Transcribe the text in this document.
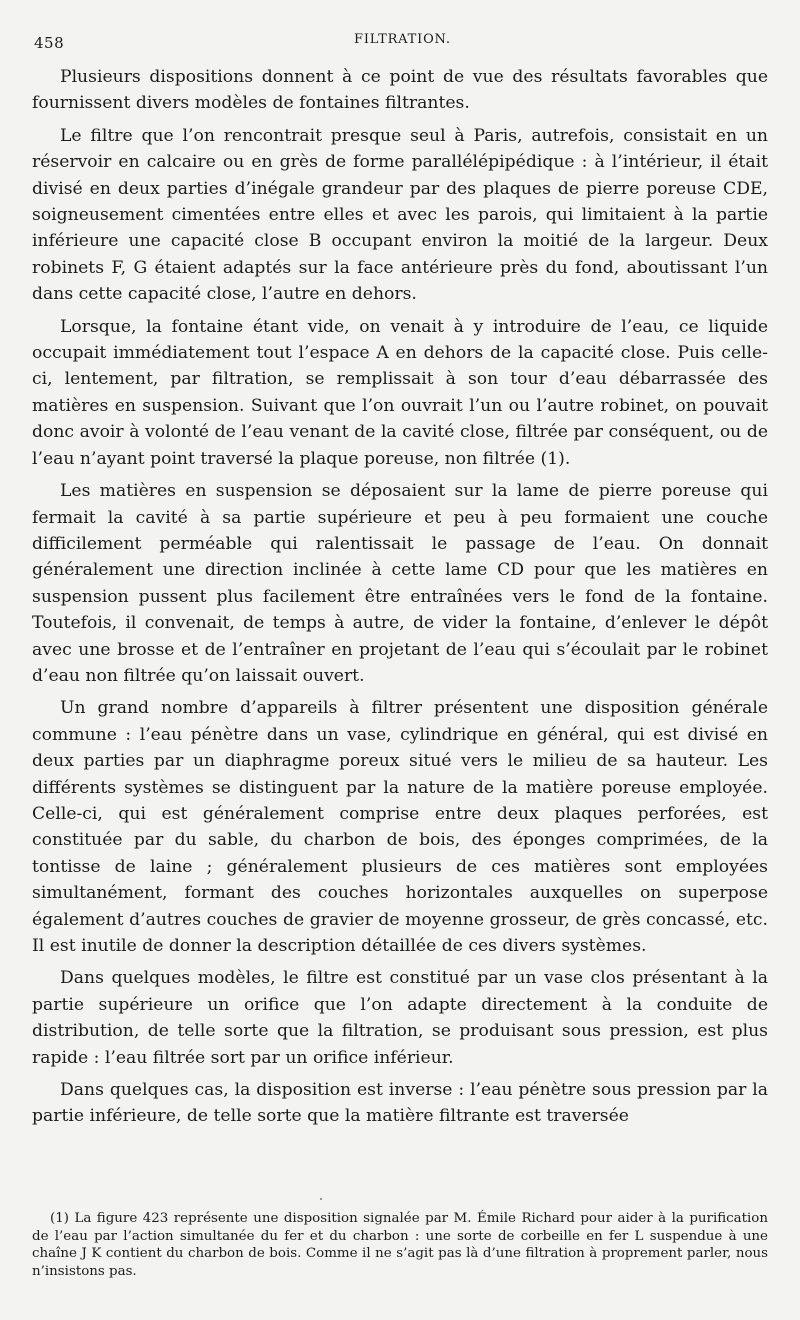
458	FILTRATION.

Plusieurs dispositions donnent à ce point de vue des résultats favorables que fournissent divers modèles de fontaines filtrantes.

Le filtre que l’on rencontrait presque seul à Paris, autrefois, consistait en un réservoir en calcaire ou en grès de forme parallélépipédique : à l’intérieur, il était divisé en deux parties d’inégale grandeur par des plaques de pierre poreuse CDE, soigneusement cimentées entre elles et avec les parois, qui limitaient à la partie inférieure une capacité close B occupant environ la moitié de la largeur. Deux robinets F, G étaient adaptés sur la face antérieure près du fond, aboutissant l’un dans cette capacité close, l’autre en dehors.

Lorsque, la fontaine étant vide, on venait à y introduire de l’eau, ce liquide occupait immédiatement tout l’espace A en dehors de la capacité close. Puis celle-ci, lentement, par filtration, se remplissait à son tour d’eau débarrassée des matières en suspension. Suivant que l’on ouvrait l’un ou l’autre robinet, on pouvait donc avoir à volonté de l’eau venant de la cavité close, filtrée par conséquent, ou de l’eau n’ayant point traversé la plaque poreuse, non filtrée (1).

Les matières en suspension se déposaient sur la lame de pierre poreuse qui fermait la cavité à sa partie supérieure et peu à peu formaient une couche difficilement perméable qui ralentissait le passage de l’eau. On donnait généralement une direction inclinée à cette lame CD pour que les matières en suspension pussent plus facilement être entraînées vers le fond de la fontaine. Toutefois, il convenait, de temps à autre, de vider la fontaine, d’enlever le dépôt avec une brosse et de l’entraîner en projetant de l’eau qui s’écoulait par le robinet d’eau non filtrée qu’on laissait ouvert.

Un grand nombre d’appareils à filtrer présentent une disposition générale commune : l’eau pénètre dans un vase, cylindrique en général, qui est divisé en deux parties par un diaphragme poreux situé vers le milieu de sa hauteur. Les différents systèmes se distinguent par la nature de la matière poreuse employée. Celle-ci, qui est généralement comprise entre deux plaques perforées, est constituée par du sable, du charbon de bois, des éponges comprimées, de la tontisse de laine ; généralement plusieurs de ces matières sont employées simultanément, formant des couches horizontales auxquelles on superpose également d’autres couches de gravier de moyenne grosseur, de grès concassé, etc. Il est inutile de donner la description détaillée de ces divers systèmes.

Dans quelques modèles, le filtre est constitué par un vase clos présentant à la partie supérieure un orifice que l’on adapte directement à la conduite de distribution, de telle sorte que la filtration, se produisant sous pression, est plus rapide : l’eau filtrée sort par un orifice inférieur.

Dans quelques cas, la disposition est inverse : l’eau pénètre sous pression par la partie inférieure, de telle sorte que la matière filtrante est traversée

(1) La figure 423 représente une disposition signalée par M. Émile Richard pour aider à la purification de l’eau par l’action simultanée du fer et du charbon : une sorte de corbeille en fer L suspendue à une chaîne J K contient du charbon de bois. Comme il ne s’agit pas là d’une filtration à proprement parler, nous n’insistons pas.
